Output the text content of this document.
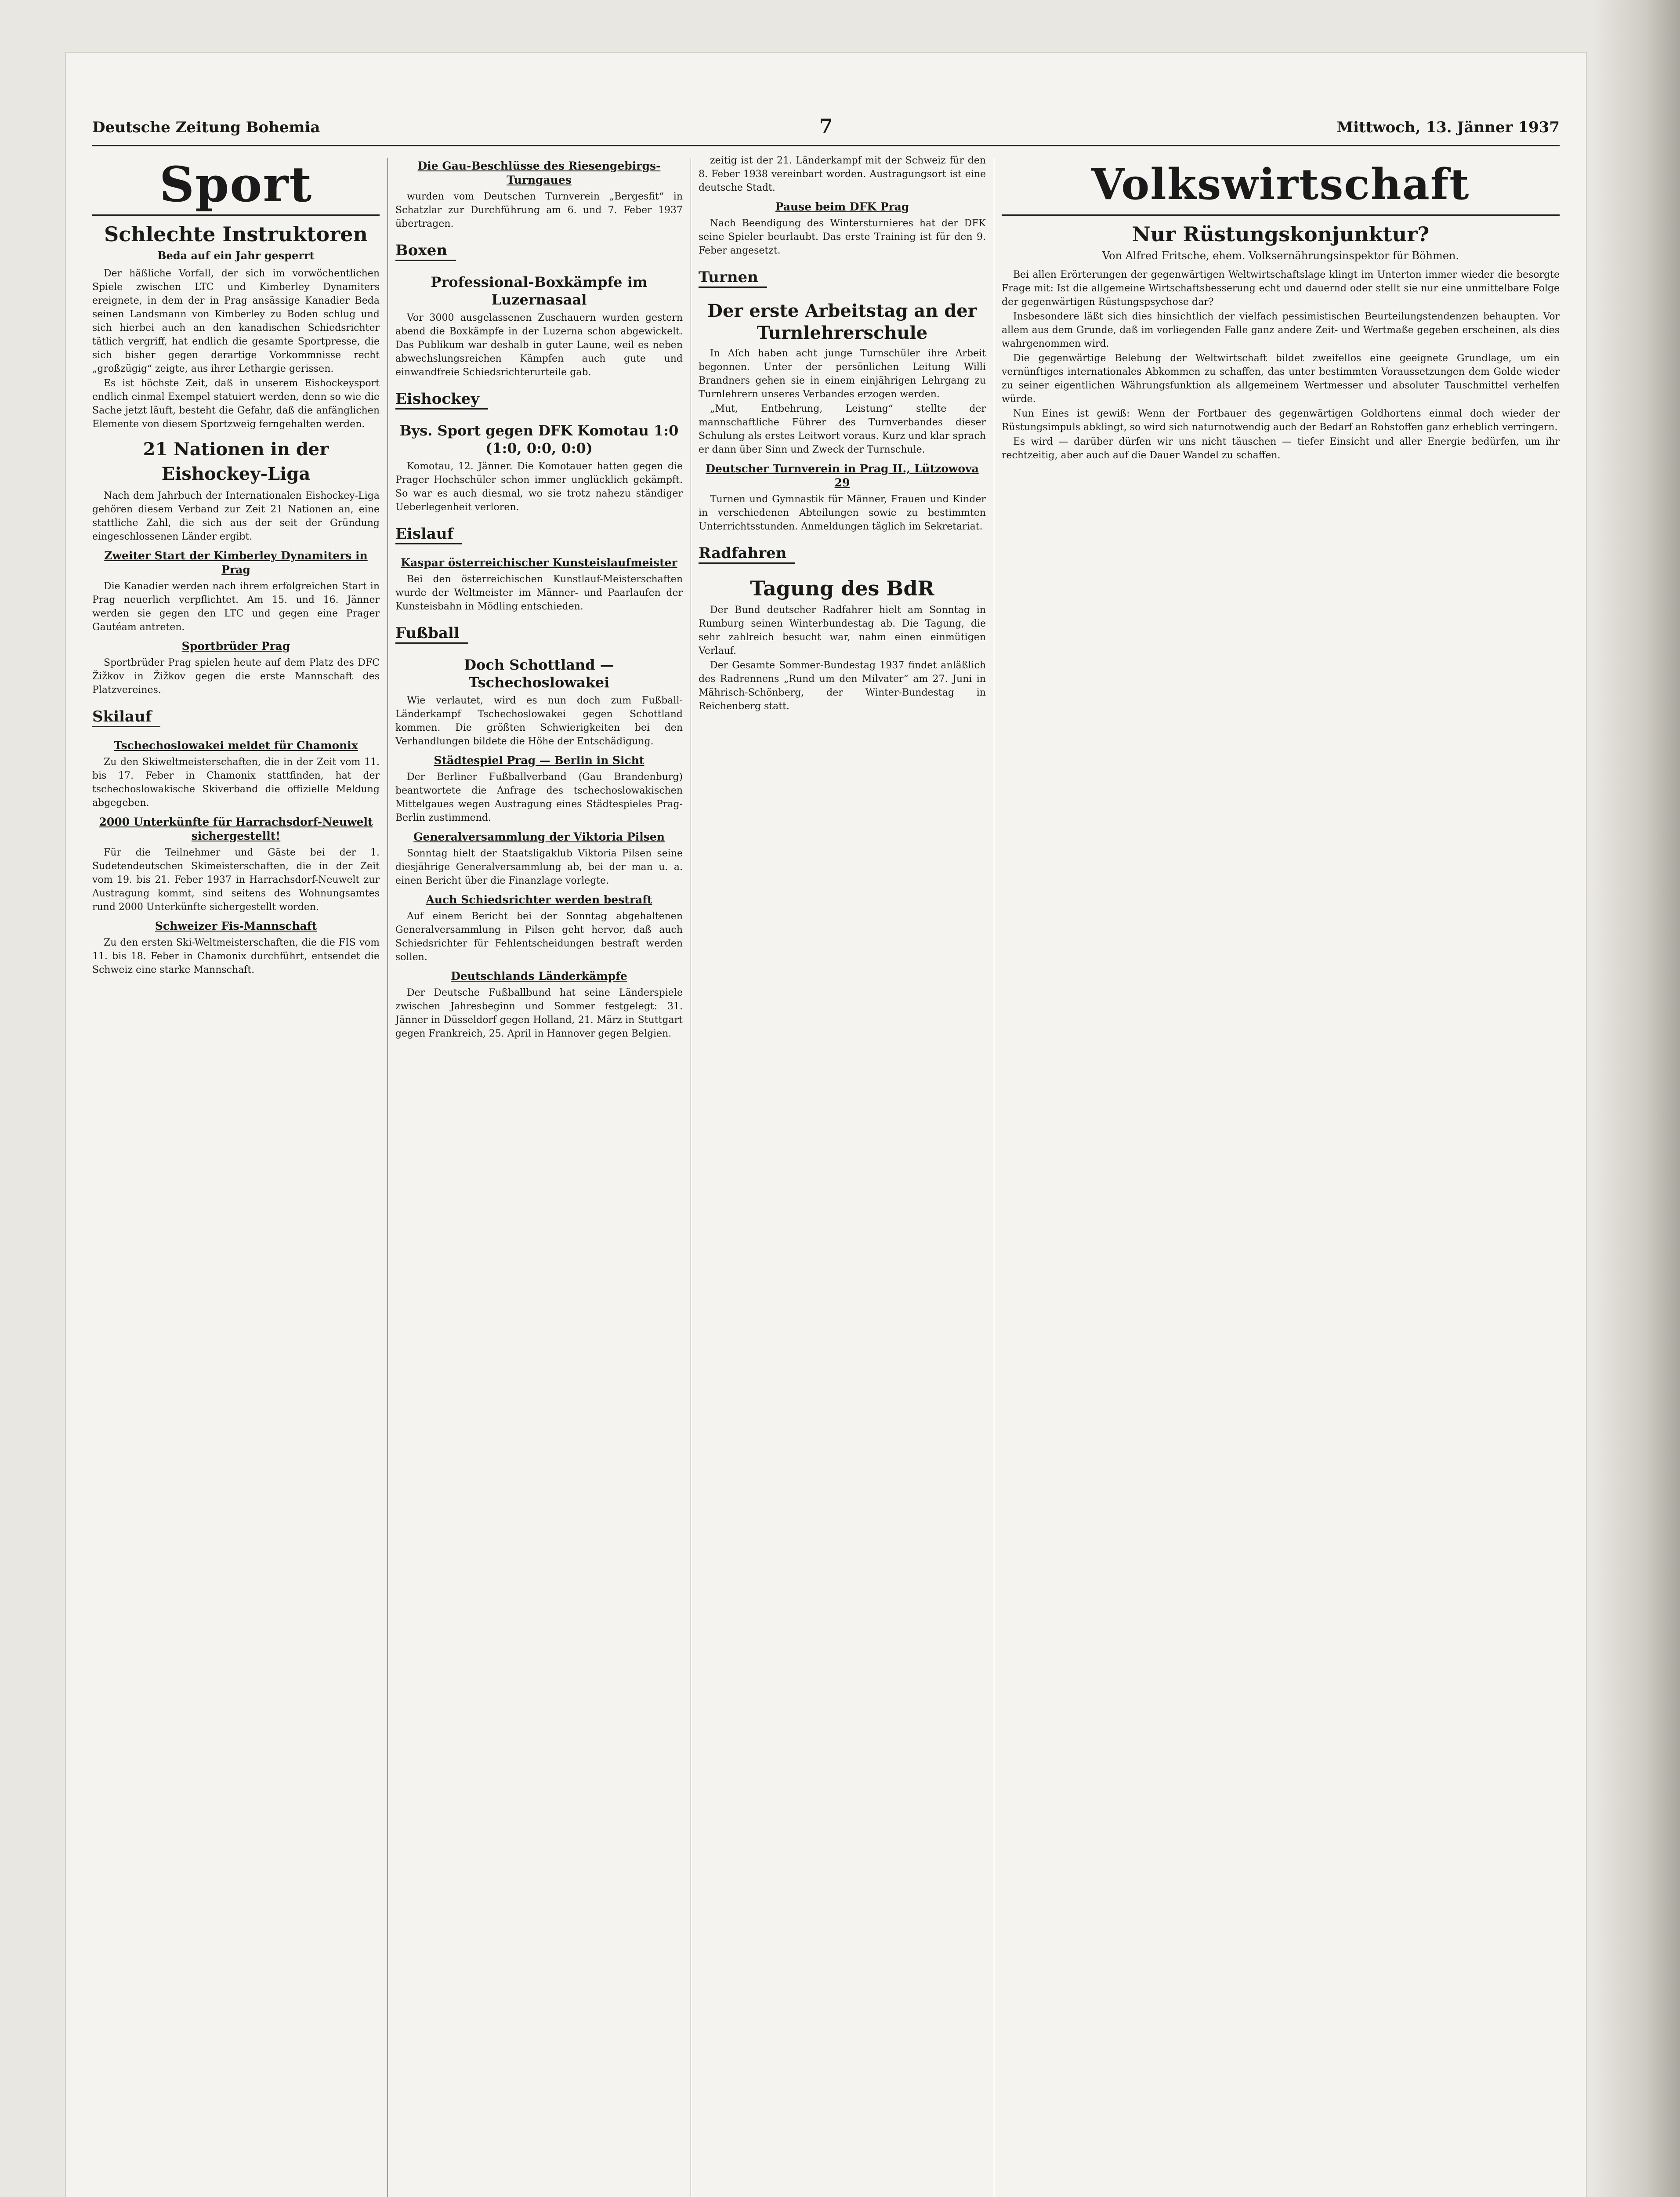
Deutsche Zeitung Bohemia	7	Mittwoch, 13. Jänner 1937
Sport
Schlechte Instruktoren
Beda auf ein Jahr gesperrt

Der häßliche Vorfall, der sich im vorwöchentlichen Spiele zwischen LTC und Kimberley Dynamiters ereignete, in dem der in Prag ansässige Kanadier Beda seinen Landsmann von Kimberley zu Boden schlug und sich hierbei auch an den kanadischen Schiedsrichter tätlich vergriff, hat endlich die gesamte Sportpresse, die sich bisher gegen derartige Vorkommnisse recht „großzügig“ zeigte, aus ihrer Lethargie gerissen.

Es ist höchste Zeit, daß in unserem Eishockeysport endlich einmal Exempel statuiert werden, denn so wie die Sache jetzt läuft, besteht die Gefahr, daß die anfänglichen Elemente von diesem Sportzweig ferngehalten werden.

21 Nationen in der Eishockey-Liga

Nach dem Jahrbuch der Internationalen Eishockey-Liga gehören diesem Verband zur Zeit 21 Nationen an, eine stattliche Zahl, die sich aus der seit der Gründung eingeschlossenen Länder ergibt.

Zweiter Start der Kimberley Dynamiters in Prag

Die Kanadier werden nach ihrem erfolgreichen Start in Prag neuerlich verpflichtet. Am 15. und 16. Jänner werden sie gegen den LTC und gegen eine Prager Gautéam antreten.

Sportbrüder Prag

Sportbrüder Prag spielen heute auf dem Platz des DFC Žižkov in Žižkov gegen die erste Mannschaft des Platzvereines.

Skilauf
Tschechoslowakei meldet für Chamonix

Zu den Skiweltmeisterschaften, die in der Zeit vom 11. bis 17. Feber in Chamonix stattfinden, hat der tschechoslowakische Skiverband die offizielle Meldung abgegeben.

2000 Unterkünfte für Harrachsdorf-Neuwelt sichergestellt!

Für die Teilnehmer und Gäste bei der 1. Sudetendeutschen Skimeisterschaften, die in der Zeit vom 19. bis 21. Feber 1937 in Harrachsdorf-Neuwelt zur Austragung kommt, sind seitens des Wohnungsamtes rund 2000 Unterkünfte sichergestellt worden.

Schweizer Fis-Mannschaft

Zu den ersten Ski-Weltmeisterschaften, die die FIS vom 11. bis 18. Feber in Chamonix durchführt, entsendet die Schweiz eine starke Mannschaft.

Die Gau-Beschlüsse des Riesengebirgs-Turngaues

wurden vom Deutschen Turnverein „Bergesfit“ in Schatzlar zur Durchführung am 6. und 7. Feber 1937 übertragen.

Boxen
Professional-Boxkämpfe im Luzernasaal

Vor 3000 ausgelassenen Zuschauern wurden gestern abend die Boxkämpfe in der Luzerna schon abgewickelt. Das Publikum war deshalb in guter Laune, weil es neben abwechslungsreichen Kämpfen auch gute und einwandfreie Schiedsrichterurteile gab.

Eishockey
Bys. Sport gegen DFK Komotau 1:0 (1:0, 0:0, 0:0)

Komotau, 12. Jänner. Die Komotauer hatten gegen die Prager Hochschüler schon immer unglücklich gekämpft. So war es auch diesmal, wo sie trotz nahezu ständiger Ueberlegenheit verloren.

Eislauf
Kaspar österreichischer Kunsteislaufmeister

Bei den österreichischen Kunstlauf-Meisterschaften wurde der Weltmeister im Männer- und Paarlaufen der Kunsteisbahn in Mödling entschieden.

Fußball
Doch Schottland — Tschechoslowakei

Wie verlautet, wird es nun doch zum Fußball-Länderkampf Tschechoslowakei gegen Schottland kommen. Die größten Schwierigkeiten bei den Verhandlungen bildete die Höhe der Entschädigung.

Städtespiel Prag — Berlin in Sicht

Der Berliner Fußballverband (Gau Brandenburg) beantwortete die Anfrage des tschechoslowakischen Mittelgaues wegen Austragung eines Städtespieles Prag-Berlin zustimmend.

Generalversammlung der Viktoria Pilsen

Sonntag hielt der Staatsligaklub Viktoria Pilsen seine diesjährige Generalversammlung ab, bei der man u. a. einen Bericht über die Finanzlage vorlegte.

Auch Schiedsrichter werden bestraft

Auf einem Bericht bei der Sonntag abgehaltenen Generalversammlung in Pilsen geht hervor, daß auch Schiedsrichter für Fehlentscheidungen bestraft werden sollen.

Deutschlands Länderkämpfe

Der Deutsche Fußballbund hat seine Länderspiele zwischen Jahresbeginn und Sommer festgelegt: 31. Jänner in Düsseldorf gegen Holland, 21. März in Stuttgart gegen Frankreich, 25. April in Hannover gegen Belgien.

zeitig ist der 21. Länderkampf mit der Schweiz für den 8. Feber 1938 vereinbart worden. Austragungsort ist eine deutsche Stadt.

Pause beim DFK Prag

Nach Beendigung des Wintersturnieres hat der DFK seine Spieler beurlaubt. Das erste Training ist für den 9. Feber angesetzt.

Turnen
Der erste Arbeitstag an der Turnlehrerschule

In Aſch haben acht junge Turnschüler ihre Arbeit begonnen. Unter der persönlichen Leitung Willi Brandners gehen sie in einem einjährigen Lehrgang zu Turnlehrern unseres Verbandes erzogen werden.

„Mut, Entbehrung, Leistung“ stellte der mannschaftliche Führer des Turnverbandes dieser Schulung als erstes Leitwort voraus. Kurz und klar sprach er dann über Sinn und Zweck der Turnschule.

Deutscher Turnverein in Prag II., Lützowova 29

Turnen und Gymnastik für Männer, Frauen und Kinder in verschiedenen Abteilungen sowie zu bestimmten Unterrichtsstunden. Anmeldungen täglich im Sekretariat.

Radfahren
Tagung des BdR

Der Bund deutscher Radfahrer hielt am Sonntag in Rumburg seinen Winterbundestag ab. Die Tagung, die sehr zahlreich besucht war, nahm einen einmütigen Verlauf.

Der Gesamte Sommer-Bundestag 1937 findet anläßlich des Radrennens „Rund um den Milvater“ am 27. Juni in Mährisch-Schönberg, der Winter-Bundestag in Reichenberg statt.

Volkswirtschaft
Nur Rüstungskonjunktur?
Von Alfred Fritsche, ehem. Volksernährungsinspektor für Böhmen.

Bei allen Erörterungen der gegenwärtigen Weltwirtschaftslage klingt im Unterton immer wieder die besorgte Frage mit: Ist die allgemeine Wirtschaftsbesserung echt und dauernd oder stellt sie nur eine unmittelbare Folge der gegenwärtigen Rüstungspsychose dar?

Insbesondere läßt sich dies hinsichtlich der vielfach pessimistischen Beurteilungstendenzen behaupten. Vor allem aus dem Grunde, daß im vorliegenden Falle ganz andere Zeit- und Wertmaße gegeben erscheinen, als dies wahrgenommen wird.

Die gegenwärtige Belebung der Weltwirtschaft bildet zweifellos eine geeignete Grundlage, um ein vernünftiges internationales Abkommen zu schaffen, das unter bestimmten Voraussetzungen dem Golde wieder zu seiner eigentlichen Währungsfunktion als allgemeinem Wertmesser und absoluter Tauschmittel verhelfen würde.

Nun Eines ist gewiß: Wenn der Fortbauer des gegenwärtigen Goldhortens einmal doch wieder der Rüstungsimpuls abklingt, so wird sich naturnotwendig auch der Bedarf an Rohstoffen ganz erheblich verringern.

Es wird — darüber dürfen wir uns nicht täuschen — tiefer Einsicht und aller Energie bedürfen, um ihr rechtzeitig, aber auch auf die Dauer Wandel zu schaffen.
